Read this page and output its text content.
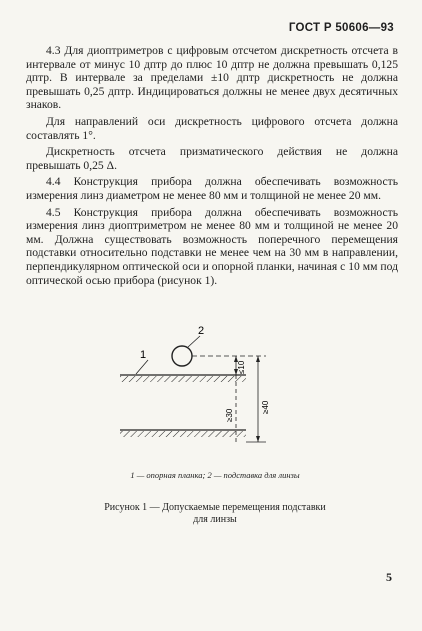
ГОСТ Р 50606—93

4.3 Для диоптриметров с цифровым отсчетом дискретность отсчета в интервале от минус 10 дптр до плюс 10 дптр не должна превышать 0,125 дптр. В интервале за пределами ±10 дптр дискретность не должна превышать 0,25 дптр. Индицироваться должны не менее двух десятичных знаков.

Для направлений оси дискретность цифрового отсчета должна составлять 1°.

Дискретность отсчета призматического действия не должна превышать 0,25 Δ.

4.4 Конструкция прибора должна обеспечивать возможность измерения линз диаметром не менее 80 мм и толщиной не менее 20 мм.

4.5 Конструкция прибора должна обеспечивать возможность измерения линз диоптриметром не менее 80 мм и толщиной не менее 20 мм. Должна существовать возможность поперечного перемещения подставки относительно подставки не менее чем на 30 мм в направлении, перпендикулярном оптической оси и опорной планки, начиная с 10 мм под оптической осью прибора (рисунок 1).

1
2
≤10
≥30
≥40
1 — опорная планка; 2 — подставка для линзы
Рисунок 1 — Допускаемые перемещения подставки для линзы
5
